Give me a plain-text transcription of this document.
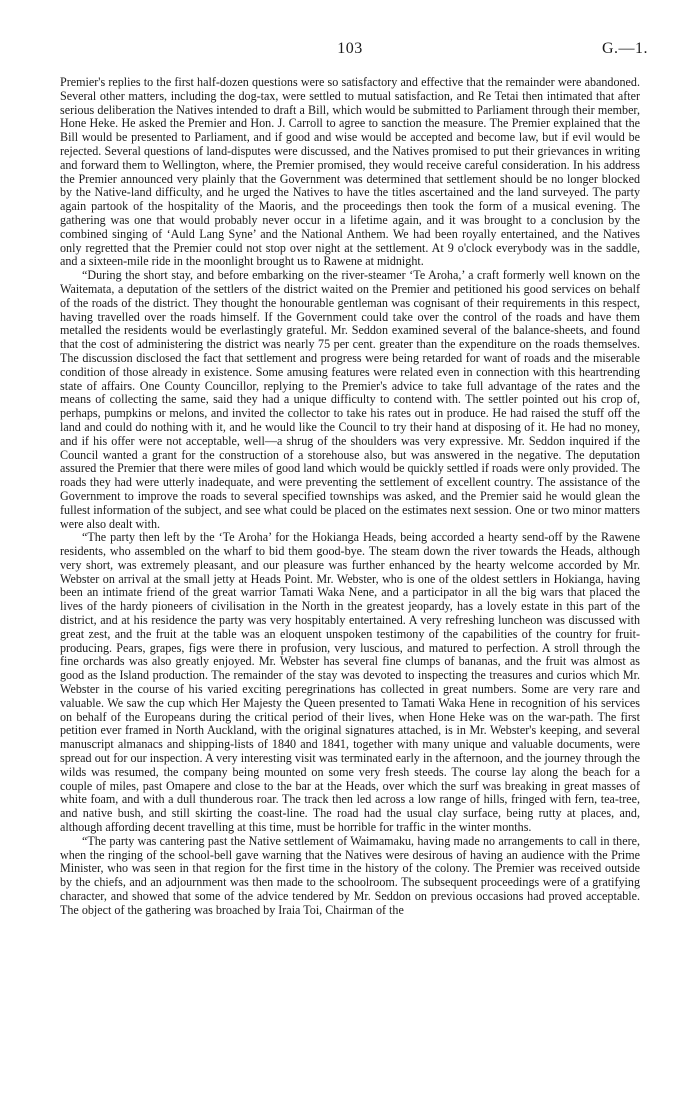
103	G.—1.

Premier's replies to the first half-dozen questions were so satisfactory and effective that the remainder were abandoned. Several other matters, including the dog-tax, were settled to mutual satisfaction, and Re Tetai then intimated that after serious deliberation the Natives intended to draft a Bill, which would be submitted to Parliament through their member, Hone Heke. He asked the Premier and Hon. J. Carroll to agree to sanction the measure. The Premier explained that the Bill would be presented to Parliament, and if good and wise would be accepted and become law, but if evil would be rejected. Several questions of land-disputes were discussed, and the Natives promised to put their grievances in writing and forward them to Wellington, where, the Premier promised, they would receive careful consideration. In his address the Premier announced very plainly that the Government was determined that settlement should be no longer blocked by the Native-land difficulty, and he urged the Natives to have the titles ascertained and the land surveyed. The party again partook of the hospitality of the Maoris, and the proceedings then took the form of a musical evening. The gathering was one that would probably never occur in a lifetime again, and it was brought to a conclusion by the combined singing of ‘Auld Lang Syne’ and the National Anthem. We had been royally entertained, and the Natives only regretted that the Premier could not stop over night at the settlement. At 9 o'clock everybody was in the saddle, and a sixteen-mile ride in the moonlight brought us to Rawene at midnight.

“During the short stay, and before embarking on the river-steamer ‘Te Aroha,’ a craft formerly well known on the Waitemata, a deputation of the settlers of the district waited on the Premier and petitioned his good services on behalf of the roads of the district. They thought the honourable gentleman was cognisant of their requirements in this respect, having travelled over the roads himself. If the Government could take over the control of the roads and have them metalled the residents would be everlastingly grateful. Mr. Seddon examined several of the balance-sheets, and found that the cost of administering the district was nearly 75 per cent. greater than the expenditure on the roads themselves. The discussion disclosed the fact that settlement and progress were being retarded for want of roads and the miserable condition of those already in existence. Some amusing features were related even in connection with this heartrending state of affairs. One County Councillor, replying to the Premier's advice to take full advantage of the rates and the means of collecting the same, said they had a unique difficulty to contend with. The settler pointed out his crop of, perhaps, pumpkins or melons, and invited the collector to take his rates out in produce. He had raised the stuff off the land and could do nothing with it, and he would like the Council to try their hand at disposing of it. He had no money, and if his offer were not acceptable, well—a shrug of the shoulders was very expressive. Mr. Seddon inquired if the Council wanted a grant for the construction of a storehouse also, but was answered in the negative. The deputation assured the Premier that there were miles of good land which would be quickly settled if roads were only provided. The roads they had were utterly inadequate, and were preventing the settlement of excellent country. The assistance of the Government to improve the roads to several specified townships was asked, and the Premier said he would glean the fullest information of the subject, and see what could be placed on the estimates next session. One or two minor matters were also dealt with.

“The party then left by the ‘Te Aroha’ for the Hokianga Heads, being accorded a hearty send-off by the Rawene residents, who assembled on the wharf to bid them good-bye. The steam down the river towards the Heads, although very short, was extremely pleasant, and our pleasure was further enhanced by the hearty welcome accorded by Mr. Webster on arrival at the small jetty at Heads Point. Mr. Webster, who is one of the oldest settlers in Hokianga, having been an intimate friend of the great warrior Tamati Waka Nene, and a participator in all the big wars that placed the lives of the hardy pioneers of civilisation in the North in the greatest jeopardy, has a lovely estate in this part of the district, and at his residence the party was very hospitably entertained. A very refreshing luncheon was discussed with great zest, and the fruit at the table was an eloquent unspoken testimony of the capabilities of the country for fruit-producing. Pears, grapes, figs were there in profusion, very luscious, and matured to perfection. A stroll through the fine orchards was also greatly enjoyed. Mr. Webster has several fine clumps of bananas, and the fruit was almost as good as the Island production. The remainder of the stay was devoted to inspecting the treasures and curios which Mr. Webster in the course of his varied exciting peregrinations has collected in great numbers. Some are very rare and valuable. We saw the cup which Her Majesty the Queen presented to Tamati Waka Hene in recognition of his services on behalf of the Europeans during the critical period of their lives, when Hone Heke was on the war-path. The first petition ever framed in North Auckland, with the original signatures attached, is in Mr. Webster's keeping, and several manuscript almanacs and shipping-lists of 1840 and 1841, together with many unique and valuable documents, were spread out for our inspection. A very interesting visit was terminated early in the afternoon, and the journey through the wilds was resumed, the company being mounted on some very fresh steeds. The course lay along the beach for a couple of miles, past Omapere and close to the bar at the Heads, over which the surf was breaking in great masses of white foam, and with a dull thunderous roar. The track then led across a low range of hills, fringed with fern, tea-tree, and native bush, and still skirting the coast-line. The road had the usual clay surface, being rutty at places, and, although affording decent travelling at this time, must be horrible for traffic in the winter months.

“The party was cantering past the Native settlement of Waimamaku, having made no arrangements to call in there, when the ringing of the school-bell gave warning that the Natives were desirous of having an audience with the Prime Minister, who was seen in that region for the first time in the history of the colony. The Premier was received outside by the chiefs, and an adjournment was then made to the schoolroom. The subsequent proceedings were of a gratifying character, and showed that some of the advice tendered by Mr. Seddon on previous occasions had proved acceptable. The object of the gathering was broached by Iraia Toi, Chairman of the
